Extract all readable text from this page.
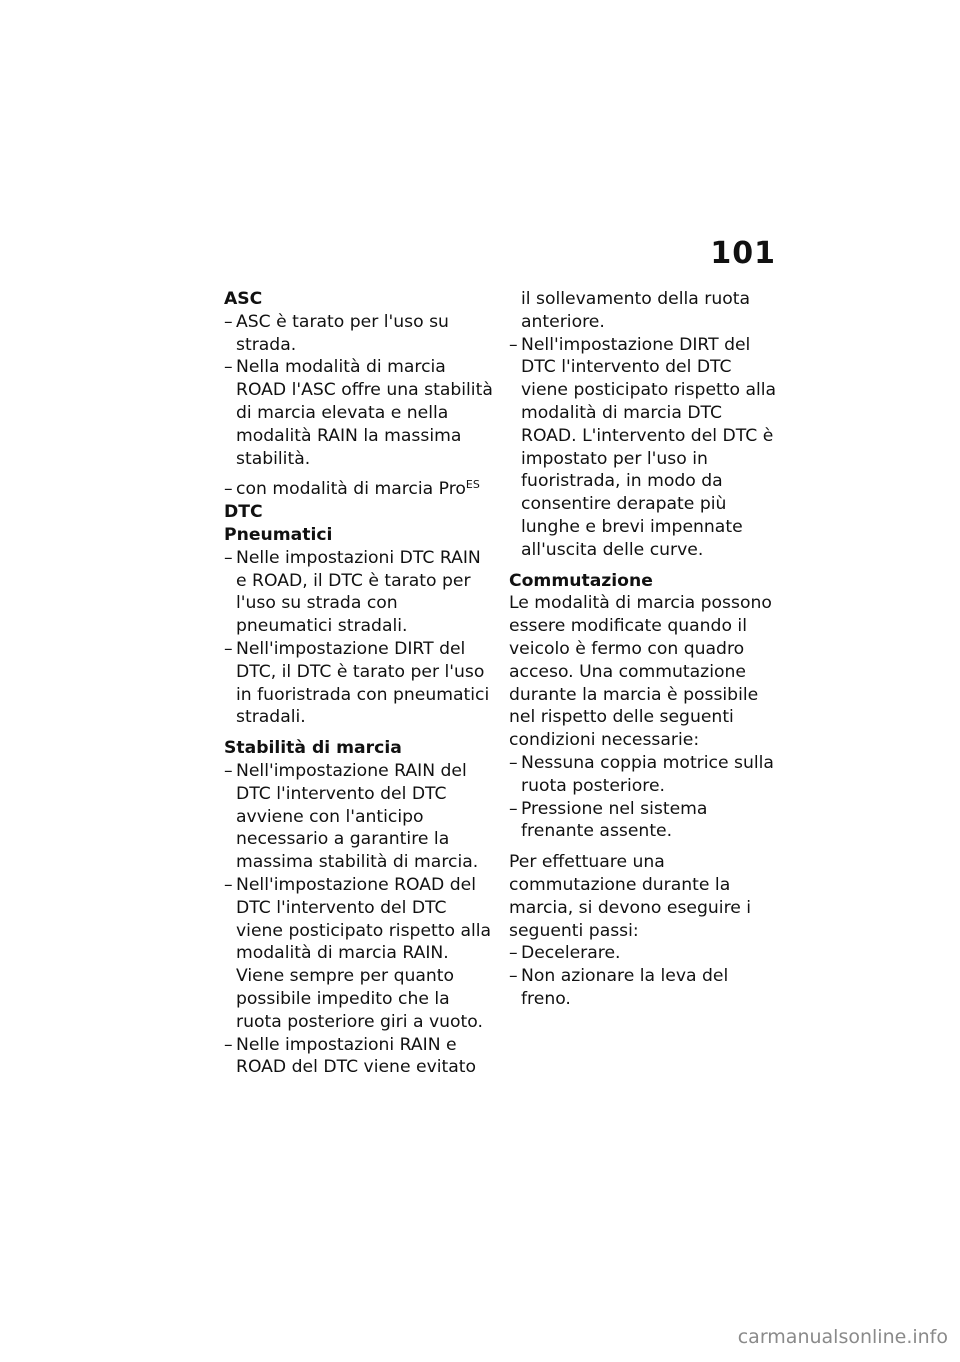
101
ASC
– ASC è tarato per l'uso su strada.
– Nella modalità di marcia ROAD l'ASC offre una stabilità di marcia elevata e nella modalità RAIN la massima stabilità.
– con modalità di marcia Pro$^{ES}$
DTC
Pneumatici
– Nelle impostazioni DTC RAIN e ROAD, il DTC è tarato per l'uso su strada con pneumatici stradali.
– Nell'impostazione DIRT del DTC, il DTC è tarato per l'uso in fuoristrada con pneumatici stradali.
Stabilità di marcia
– Nell'impostazione RAIN del DTC l'intervento del DTC avviene con l'anticipo necessario a garantire la massima stabilità di marcia.
– Nell'impostazione ROAD del DTC l'intervento del DTC viene posticipato rispetto alla modalità di marcia RAIN. Viene sempre per quanto possibile impedito che la ruota posteriore giri a vuoto.
– Nelle impostazioni RAIN e ROAD del DTC viene evitato
il sollevamento della ruota anteriore.
– Nell'impostazione DIRT del DTC l'intervento del DTC viene posticipato rispetto alla modalità di marcia DTC ROAD. L'intervento del DTC è impostato per l'uso in fuoristrada, in modo da consentire derapate più lunghe e brevi impennate all'uscita delle curve.
Commutazione
Le modalità di marcia possono essere modificate quando il veicolo è fermo con quadro acceso. Una commutazione durante la marcia è possibile nel rispetto delle seguenti condizioni necessarie:
– Nessuna coppia motrice sulla ruota posteriore.
– Pressione nel sistema frenante assente.
Per effettuare una commutazione durante la marcia, si devono eseguire i seguenti passi:
– Decelerare.
– Non azionare la leva del freno.
carmanualsonline.info
